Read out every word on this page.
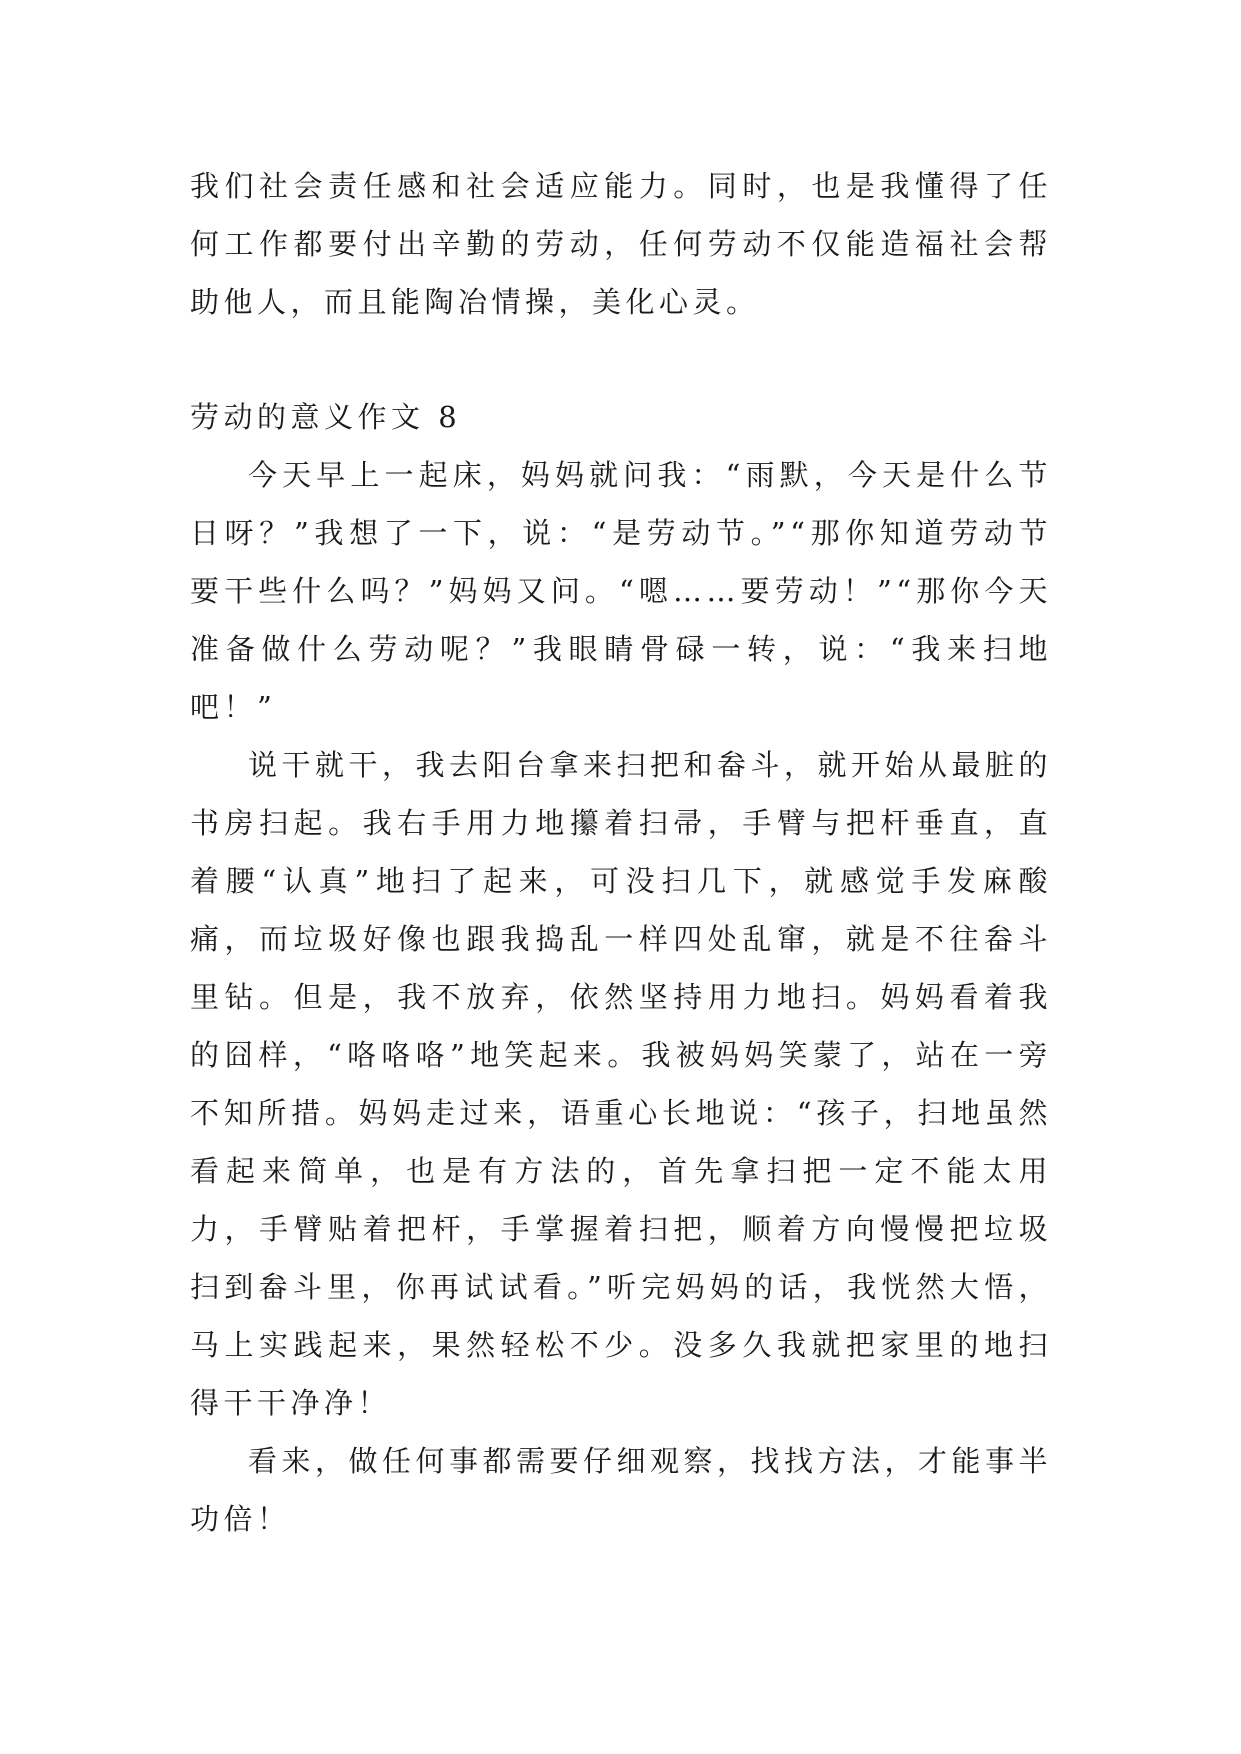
我们社会责任感和社会适应能力。同时，也是我懂得了任何工作都要付出辛勤的劳动，任何劳动不仅能造福社会帮助他人，而且能陶冶情操，美化心灵。

劳动的意义作文 8

今天早上一起床，妈妈就问我：“雨默，今天是什么节日呀？”我想了一下，说：“是劳动节。”“那你知道劳动节要干些什么吗？”妈妈又问。“嗯……要劳动！”“那你今天准备做什么劳动呢？”我眼睛骨碌一转，说：“我来扫地吧！”

说干就干，我去阳台拿来扫把和畚斗，就开始从最脏的书房扫起。我右手用力地攥着扫帚，手臂与把杆垂直，直着腰“认真”地扫了起来，可没扫几下，就感觉手发麻酸痛，而垃圾好像也跟我捣乱一样四处乱窜，就是不往畚斗里钻。但是，我不放弃，依然坚持用力地扫。妈妈看着我的囧样，“咯咯咯”地笑起来。我被妈妈笑蒙了，站在一旁不知所措。妈妈走过来，语重心长地说：“孩子，扫地虽然看起来简单，也是有方法的，首先拿扫把一定不能太用力，手臂贴着把杆，手掌握着扫把，顺着方向慢慢把垃圾扫到畚斗里，你再试试看。”听完妈妈的话，我恍然大悟，马上实践起来，果然轻松不少。没多久我就把家里的地扫得干干净净！

看来，做任何事都需要仔细观察，找找方法，才能事半功倍！
